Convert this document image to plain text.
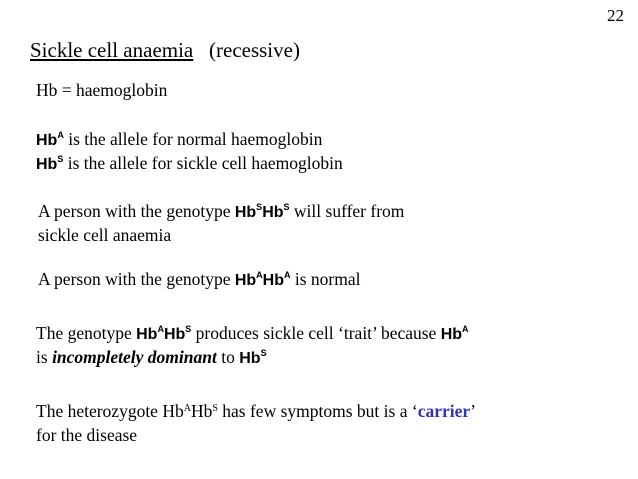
22
Sickle cell anaemia (recessive)
Hb = haemoglobin
$Hb^A$ is the allele for normal haemoglobin
$Hb^S$ is the allele for sickle cell haemoglobin
A person with the genotype $Hb^SHb^S$ will suffer from
sickle cell anaemia
A person with the genotype $Hb^AHb^A$ is normal
The genotype $Hb^AHb^S$ produces sickle cell ‘trait’ because $Hb^A$
is incompletely dominant to $Hb^S$
The heterozygote $Hb^AHb^S$ has few symptoms but is a ‘carrier’
for the disease
